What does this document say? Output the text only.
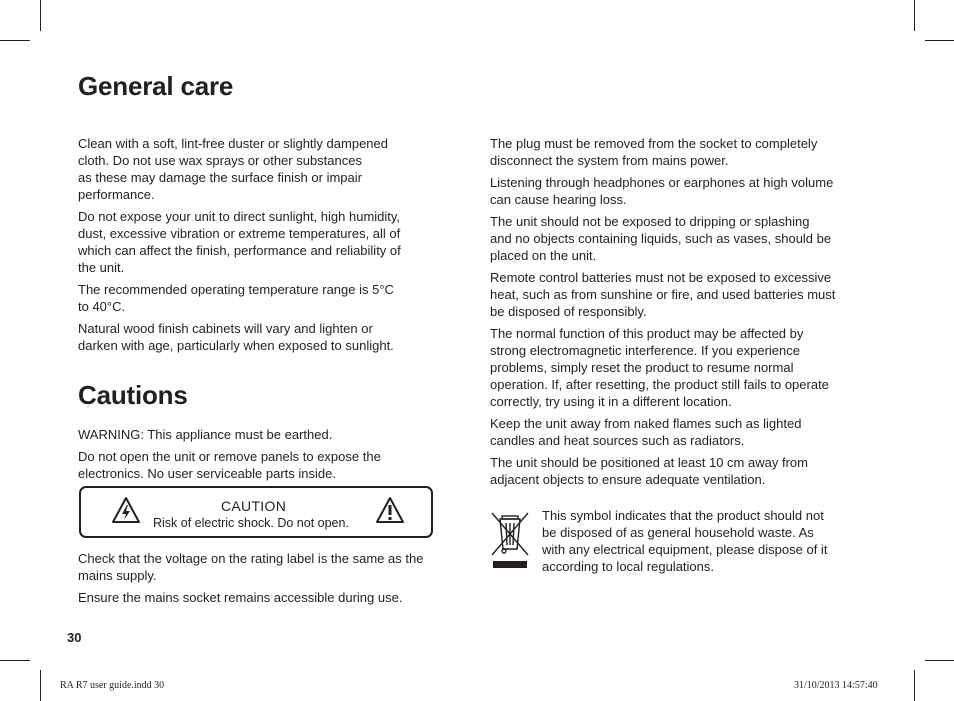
General care

Clean with a soft, lint-free duster or slightly dampened
cloth. Do not use wax sprays or other substances
as these may damage the surface finish or impair
performance.

Do not expose your unit to direct sunlight, high humidity,
dust, excessive vibration or extreme temperatures, all of
which can affect the finish, performance and reliability of
the unit.

The recommended operating temperature range is 5°C
to 40°C.

Natural wood finish cabinets will vary and lighten or
darken with age, particularly when exposed to sunlight.

Cautions

WARNING: This appliance must be earthed.

Do not open the unit or remove panels to expose the
electronics. No user serviceable parts inside.

CAUTION
Risk of electric shock. Do not open.

Check that the voltage on the rating label is the same as the
mains supply.

Ensure the mains socket remains accessible during use.

The plug must be removed from the socket to completely
disconnect the system from mains power.

Listening through headphones or earphones at high volume
can cause hearing loss.

The unit should not be exposed to dripping or splashing
and no objects containing liquids, such as vases, should be
placed on the unit.

Remote control batteries must not be exposed to excessive
heat, such as from sunshine or fire, and used batteries must
be disposed of responsibly.

The normal function of this product may be affected by
strong electromagnetic interference. If you experience
problems, simply reset the product to resume normal
operation. If, after resetting, the product still fails to operate
correctly, try using it in a different location.

Keep the unit away from naked flames such as lighted
candles and heat sources such as radiators.

The unit should be positioned at least 10 cm away from
adjacent objects to ensure adequate ventilation.

This symbol indicates that the product should not
be disposed of as general household waste. As
with any electrical equipment, please dispose of it
according to local regulations.

30
RA R7 user guide.indd 30	31/10/2013 14:57:40
